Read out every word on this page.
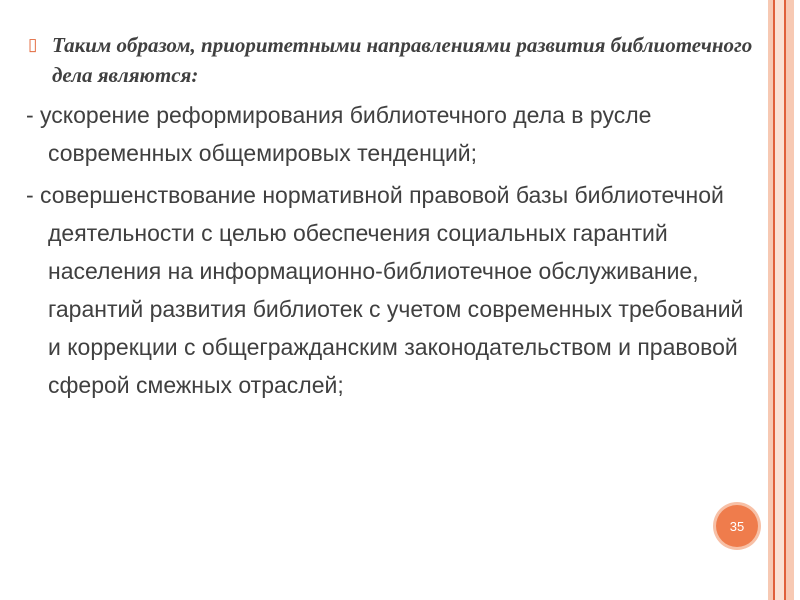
▯ Таким образом, приоритетными направлениями развития библиотечного дела являются:

- ускорение реформирования библиотечного дела в русле современных общемировых тенденций;

- совершенствование нормативной правовой базы библиотечной деятельности с целью обеспечения социальных гарантий населения на информационно-библиотечное обслуживание, гарантий развития библиотек с учетом современных требований и коррекции с общегражданским законодательством и правовой сферой смежных отраслей;

35
